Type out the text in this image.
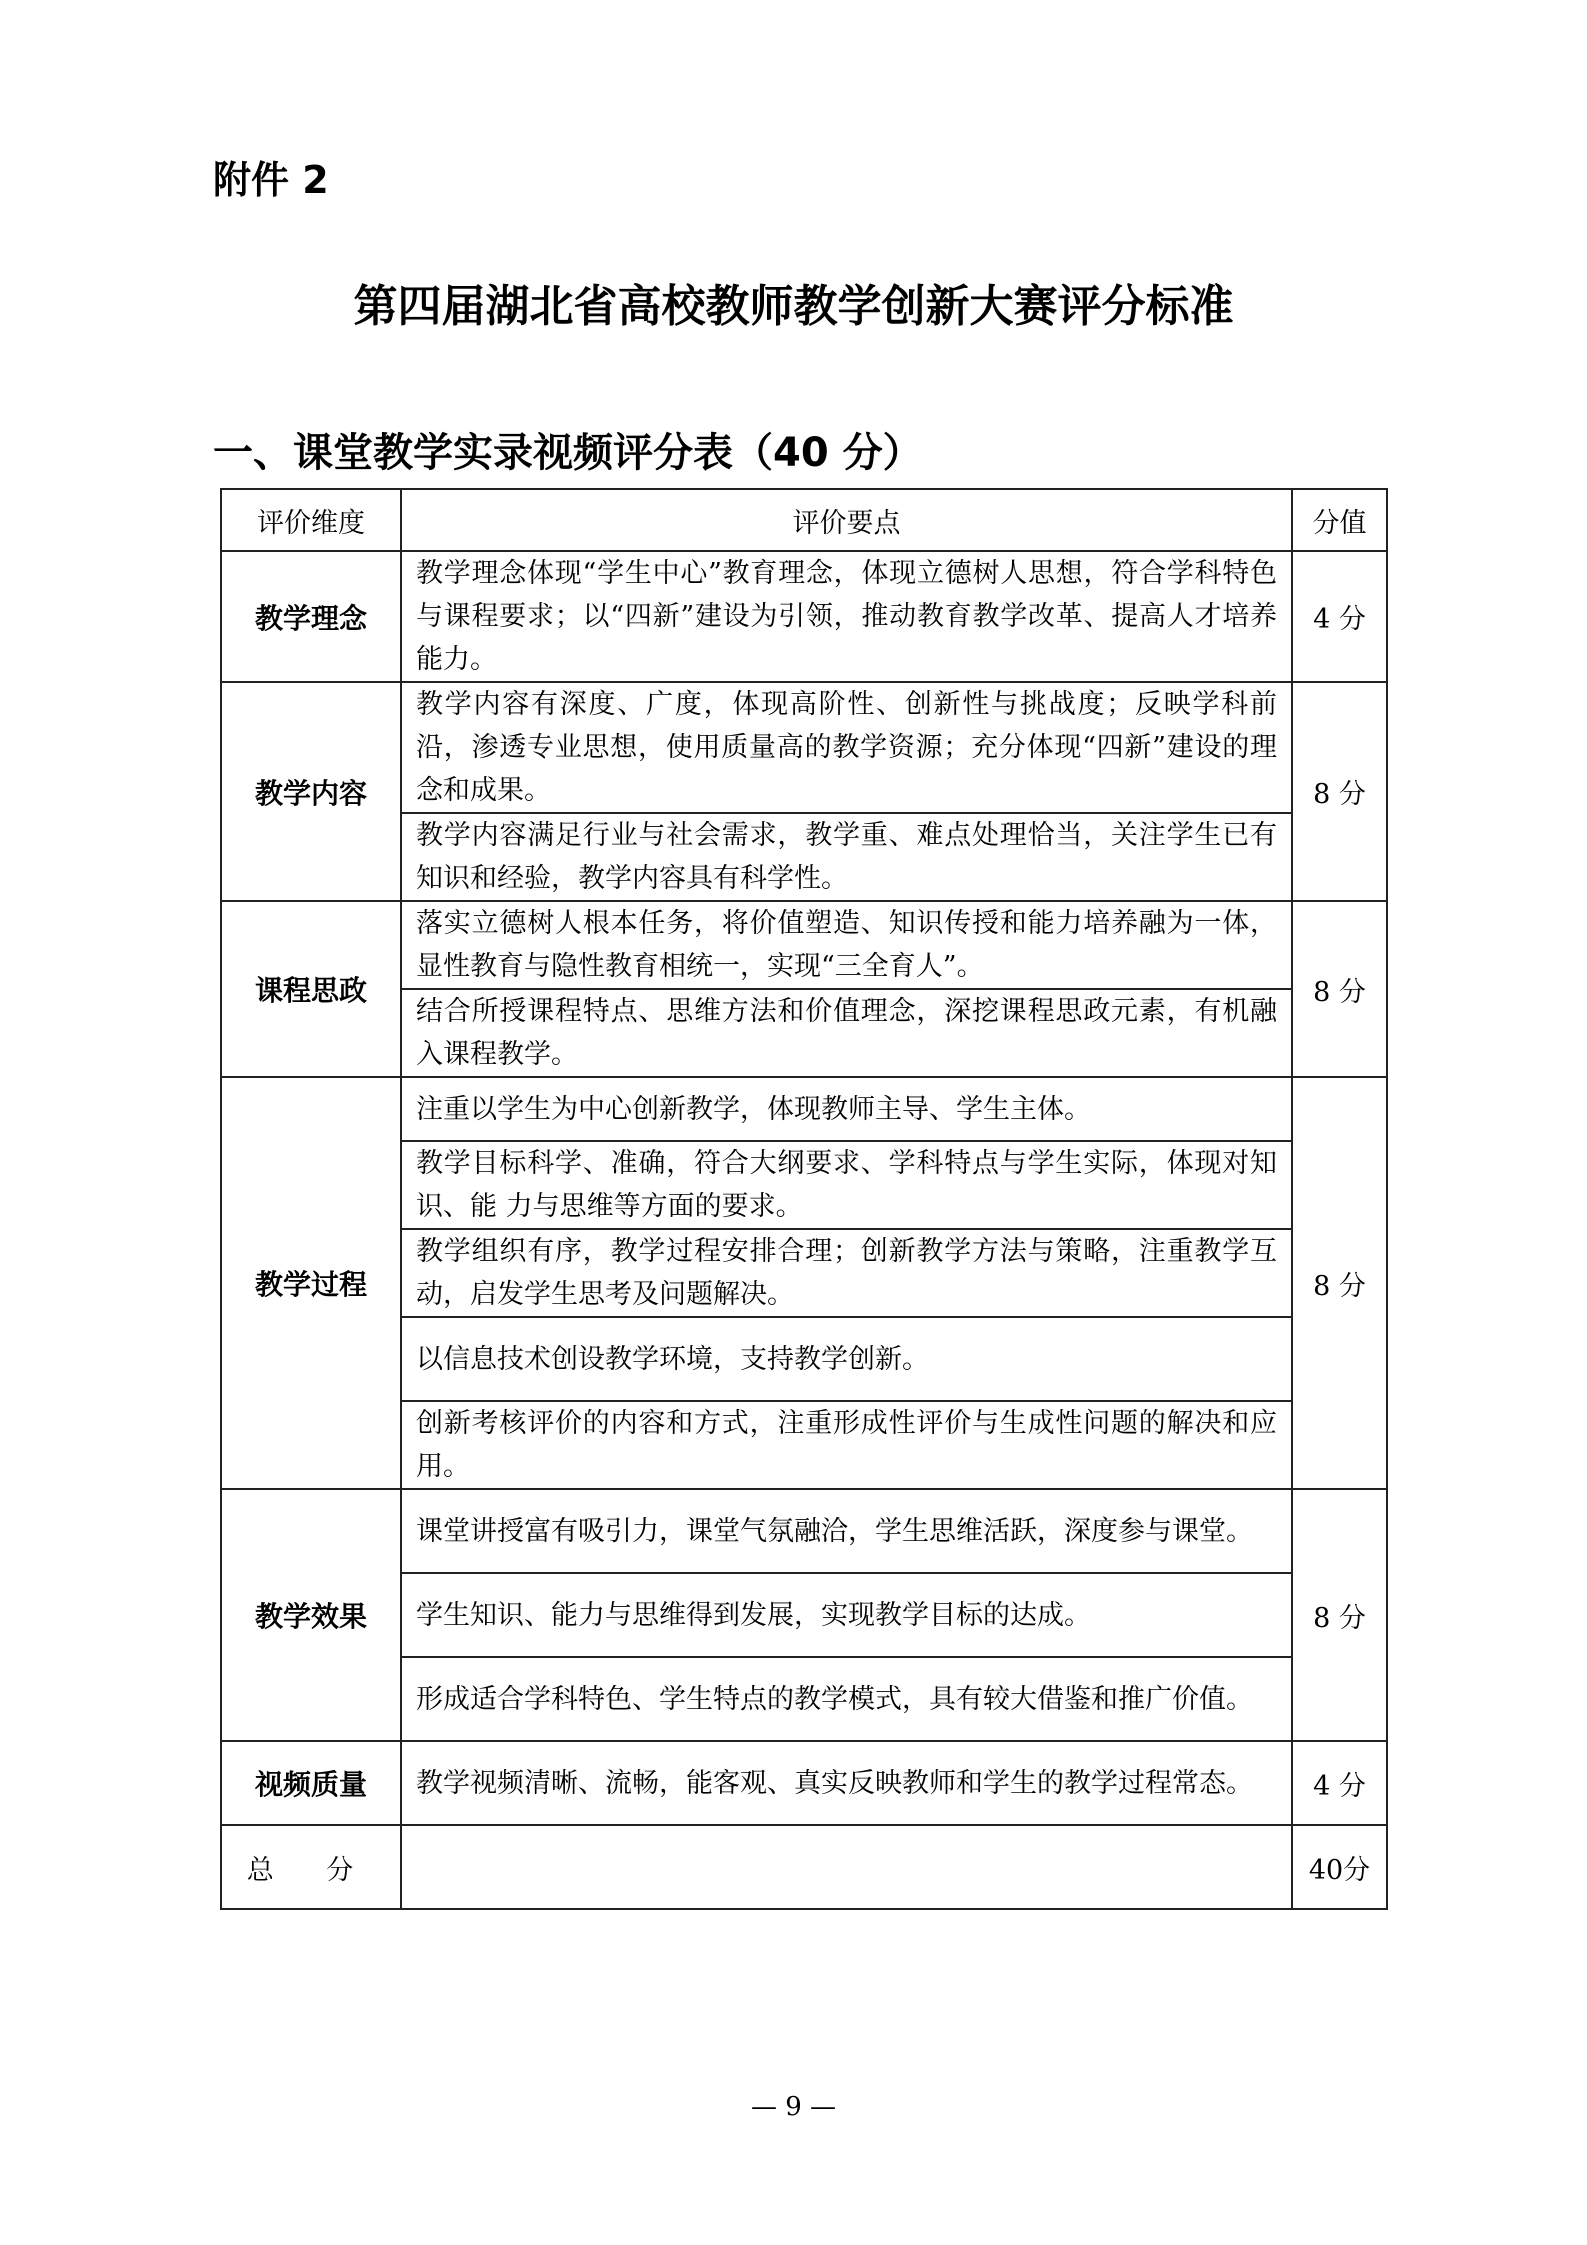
附件 2
第四届湖北省高校教师教学创新大赛评分标准
一、课堂教学实录视频评分表（40 分）
评价维度	评价要点	分值
教学理念	教学理念体现“学生中心”教育理念，体现立德树人思想，符合学科特色与课程要求；以“四新”建设为引领，推动教育教学改革、提高人才培养能力。	4 分
教学内容	教学内容有深度、广度，体现高阶性、创新性与挑战度；反映学科前沿，渗透专业思想，使用质量高的教学资源；充分体现“四新”建设的理念和成果。	8 分
	教学内容满足行业与社会需求，教学重、难点处理恰当，关注学生已有知识和经验，教学内容具有科学性。	
课程思政	落实立德树人根本任务，将价值塑造、知识传授和能力培养融为一体，显性教育与隐性教育相统一，实现“三全育人”。	8 分
	结合所授课程特点、思维方法和价值理念，深挖课程思政元素，有机融入课程教学。	
教学过程	注重以学生为中心创新教学，体现教师主导、学生主体。	8 分
	教学目标科学、准确，符合大纲要求、学科特点与学生实际，体现对知识、能 力与思维等方面的要求。	
	教学组织有序，教学过程安排合理；创新教学方法与策略，注重教学互动，启发学生思考及问题解决。	
	以信息技术创设教学环境，支持教学创新。	
	创新考核评价的内容和方式，注重形成性评价与生成性问题的解决和应用。	
教学效果	课堂讲授富有吸引力，课堂气氛融洽，学生思维活跃，深度参与课堂。	8 分
	学生知识、能力与思维得到发展，实现教学目标的达成。	
	形成适合学科特色、学生特点的教学模式，具有较大借鉴和推广价值。	
视频质量	教学视频清晰、流畅，能客观、真实反映教师和学生的教学过程常态。	4 分
总 分		40分
— 9 —
